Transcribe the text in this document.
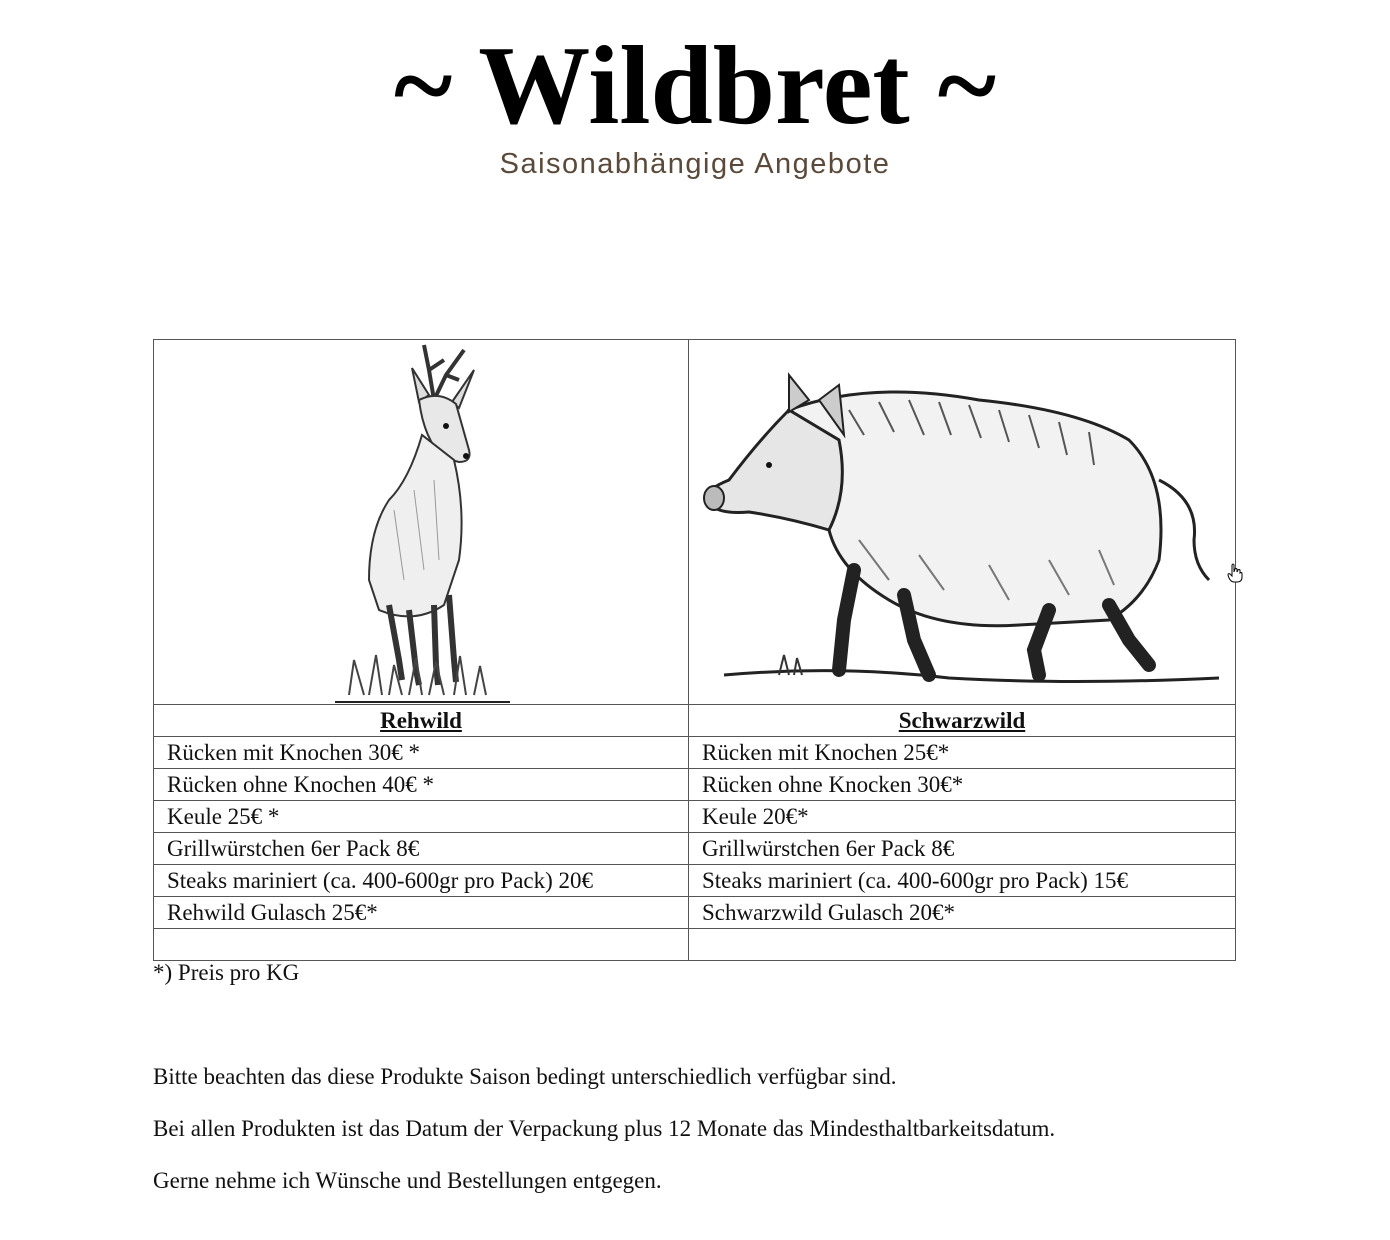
~ Wildbret ~
Saisonabhängige Angebote

Rehwild	Schwarzwild
Rücken mit Knochen 30€ *	Rücken mit Knochen 25€*
Rücken ohne Knochen 40€ *	Rücken ohne Knocken 30€*
Keule 25€ *	Keule 20€*
Grillwürstchen 6er Pack 8€	Grillwürstchen 6er Pack 8€
Steaks mariniert (ca. 400-600gr pro Pack) 20€	Steaks mariniert (ca. 400-600gr pro Pack) 15€
Rehwild Gulasch 25€*	Schwarzwild Gulasch 20€*

*) Preis pro KG
Bitte beachten das diese Produkte Saison bedingt unterschiedlich verfügbar sind.
Bei allen Produkten ist das Datum der Verpackung plus 12 Monate das Mindesthaltbarkeitsdatum.
Gerne nehme ich Wünsche und Bestellungen entgegen.
